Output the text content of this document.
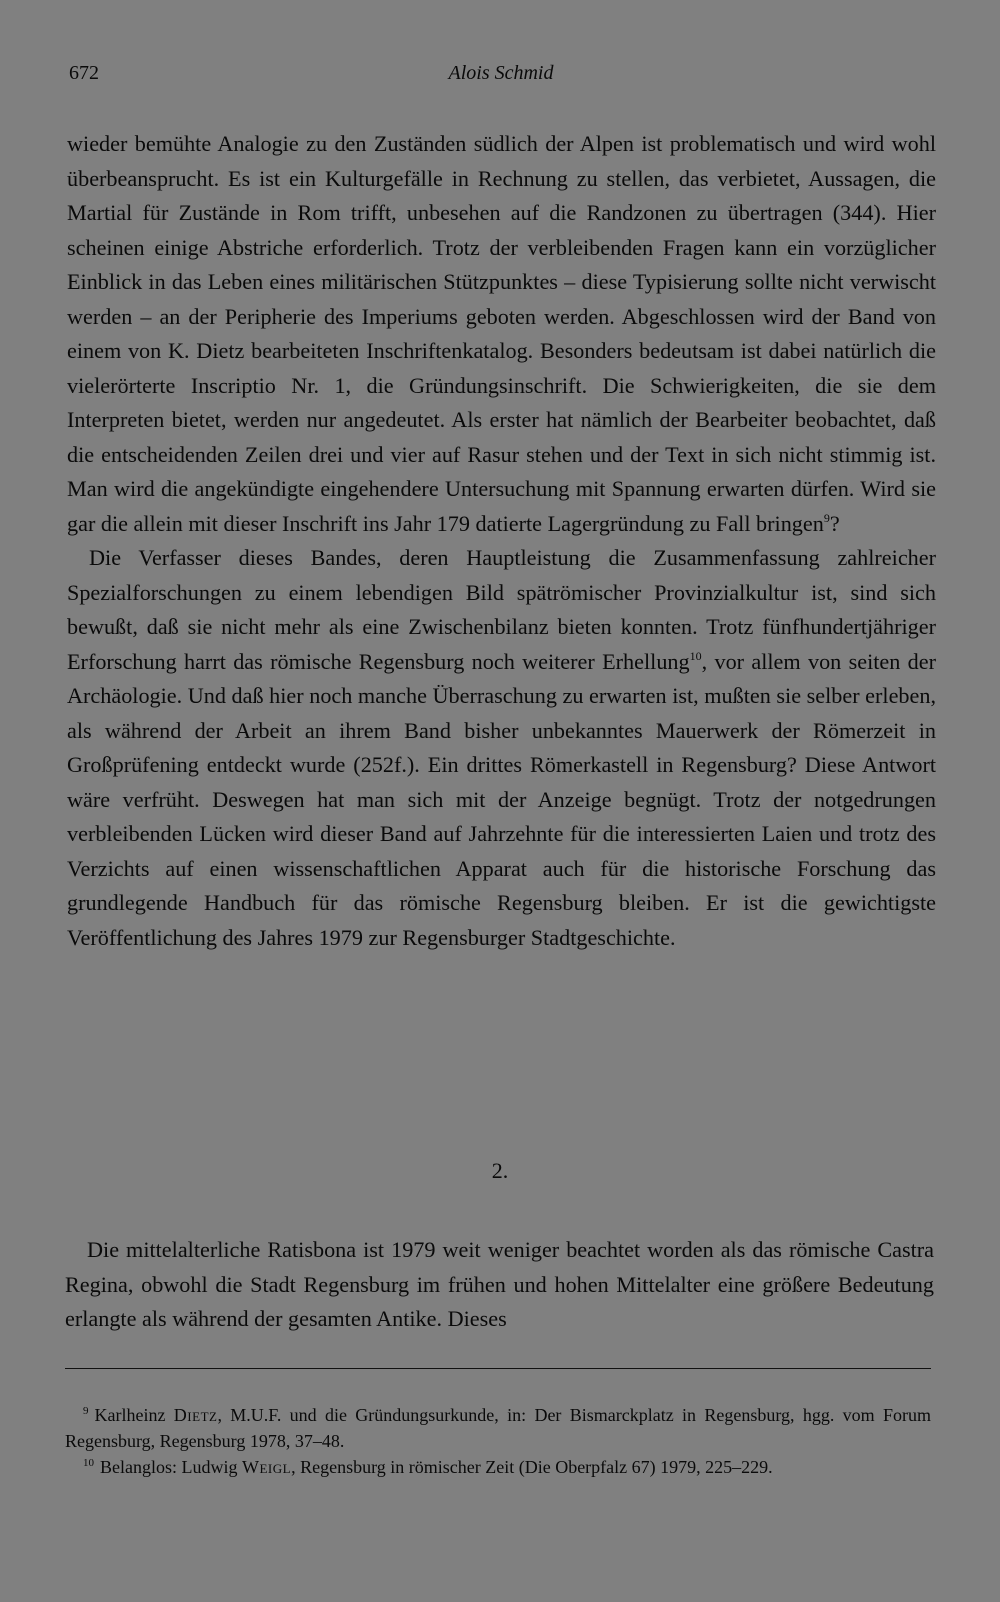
672	Alois Schmid

wieder bemühte Analogie zu den Zuständen südlich der Alpen ist problematisch und wird wohl überbeansprucht. Es ist ein Kulturgefälle in Rechnung zu stellen, das verbietet, Aussagen, die Martial für Zustände in Rom trifft, unbesehen auf die Randzonen zu übertragen (344). Hier scheinen einige Abstriche erforderlich. Trotz der verbleibenden Fragen kann ein vorzüglicher Einblick in das Leben eines militärischen Stützpunktes – diese Typisierung sollte nicht verwischt werden – an der Peripherie des Imperiums geboten werden. Abgeschlossen wird der Band von einem von K. Dietz bearbeiteten Inschriftenkatalog. Besonders bedeutsam ist dabei natürlich die vielerörterte Inscriptio Nr. 1, die Gründungsinschrift. Die Schwierigkeiten, die sie dem Interpreten bietet, werden nur angedeutet. Als erster hat nämlich der Bearbeiter beobachtet, daß die entscheidenden Zeilen drei und vier auf Rasur stehen und der Text in sich nicht stimmig ist. Man wird die angekündigte eingehendere Untersuchung mit Spannung erwarten dürfen. Wird sie gar die allein mit dieser Inschrift ins Jahr 179 datierte Lagergründung zu Fall bringen$^9$?

Die Verfasser dieses Bandes, deren Hauptleistung die Zusammenfassung zahlreicher Spezialforschungen zu einem lebendigen Bild spätrömischer Provinzialkultur ist, sind sich bewußt, daß sie nicht mehr als eine Zwischenbilanz bieten konnten. Trotz fünfhundertjähriger Erforschung harrt das römische Regensburg noch weiterer Erhellung$^{10}$, vor allem von seiten der Archäologie. Und daß hier noch manche Überraschung zu erwarten ist, mußten sie selber erleben, als während der Arbeit an ihrem Band bisher unbekanntes Mauerwerk der Römerzeit in Großprüfening entdeckt wurde (252f.). Ein drittes Römerkastell in Regensburg? Diese Antwort wäre verfrüht. Deswegen hat man sich mit der Anzeige begnügt. Trotz der notgedrungen verbleibenden Lücken wird dieser Band auf Jahrzehnte für die interessierten Laien und trotz des Verzichts auf einen wissenschaftlichen Apparat auch für die historische Forschung das grundlegende Handbuch für das römische Regensburg bleiben. Er ist die gewichtigste Veröffentlichung des Jahres 1979 zur Regensburger Stadtgeschichte.

2.

Die mittelalterliche Ratisbona ist 1979 weit weniger beachtet worden als das römische Castra Regina, obwohl die Stadt Regensburg im frühen und hohen Mittelalter eine größere Bedeutung erlangte als während der gesamten Antike. Dieses

$^9$ Karlheinz Dietz, M.U.F. und die Gründungsurkunde, in: Der Bismarckplatz in Regensburg, hgg. vom Forum Regensburg, Regensburg 1978, 37–48.

$^{10}$ Belanglos: Ludwig Weigl, Regensburg in römischer Zeit (Die Oberpfalz 67) 1979, 225–229.
